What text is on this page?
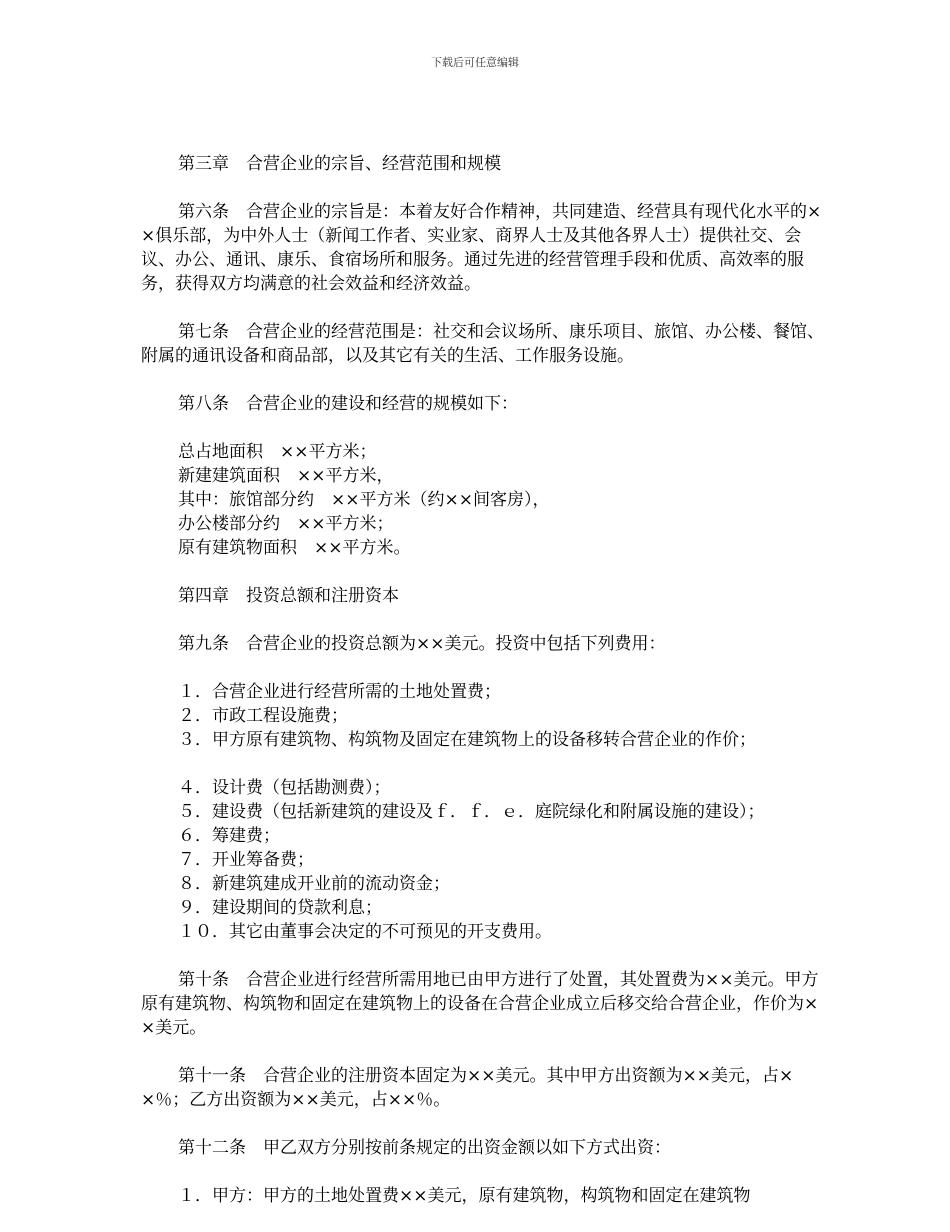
下载后可任意编辑

第三章　合营企业的宗旨、经营范围和规模

第六条　合营企业的宗旨是：本着友好合作精神，共同建造、经营具有现代化水平的××俱乐部，为中外人士（新闻工作者、实业家、商界人士及其他各界人士）提供社交、会议、办公、通讯、康乐、食宿场所和服务。通过先进的经营管理手段和优质、高效率的服务，获得双方均满意的社会效益和经济效益。

第七条　合营企业的经营范围是：社交和会议场所、康乐项目、旅馆、办公楼、餐馆、附属的通讯设备和商品部，以及其它有关的生活、工作服务设施。

第八条　合营企业的建设和经营的规模如下：

总占地面积　××平方米；

新建建筑面积　××平方米，

其中：旅馆部分约　××平方米（约××间客房），

办公楼部分约　××平方米；

原有建筑物面积　××平方米。

第四章　投资总额和注册资本

第九条　合营企业的投资总额为××美元。投资中包括下列费用：

１．合营企业进行经营所需的土地处置费；

２．市政工程设施费；

３．甲方原有建筑物、构筑物及固定在建筑物上的设备移转合营企业的作价；

４．设计费（包括勘测费）；

５．建设费（包括新建筑的建设及ｆ．ｆ．ｅ．庭院绿化和附属设施的建设）；

６．筹建费；

７．开业筹备费；

８．新建筑建成开业前的流动资金；

９．建设期间的贷款利息；

１０．其它由董事会决定的不可预见的开支费用。

第十条　合营企业进行经营所需用地已由甲方进行了处置，其处置费为××美元。甲方原有建筑物、构筑物和固定在建筑物上的设备在合营企业成立后移交给合营企业，作价为××美元。

第十一条　合营企业的注册资本固定为××美元。其中甲方出资额为××美元，占××％；乙方出资额为××美元，占××％。

第十二条　甲乙双方分别按前条规定的出资金额以如下方式出资：

１．甲方：甲方的土地处置费××美元，原有建筑物，构筑物和固定在建筑物
